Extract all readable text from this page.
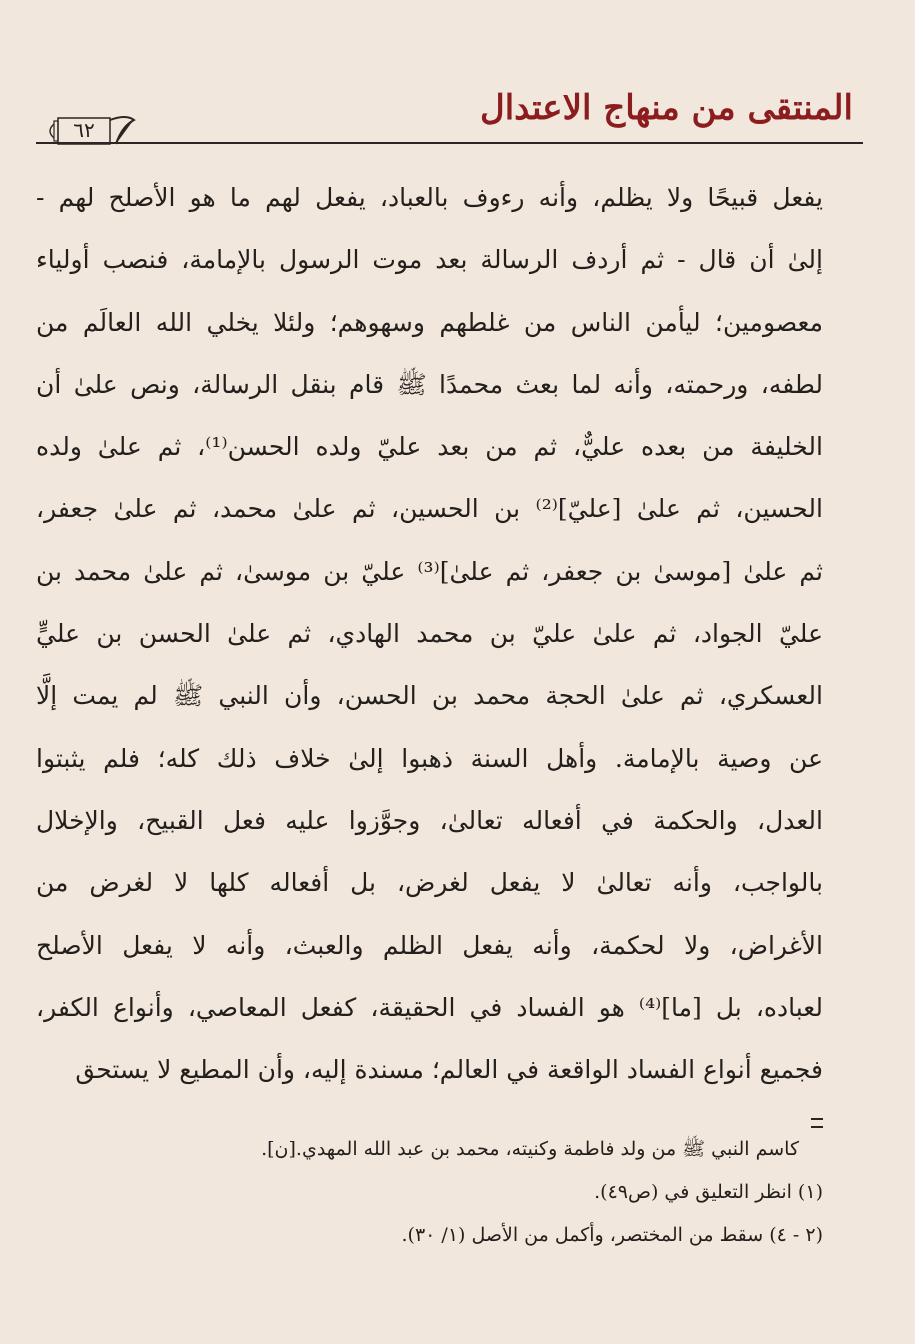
المنتقى من منهاج الاعتدال
٦٢
يفعل قبيحًا ولا يظلم، وأنه رءوف بالعباد، يفعل لهم ما هو الأصلح لهم -
إلىٰ أن قال - ثم أردف الرسالة بعد موت الرسول بالإمامة، فنصب أولياء
معصومين؛ ليأمن الناس من غلطهم وسهوهم؛ ولئلا يخلي الله العالَم من
لطفه، ورحمته، وأنه لما بعث محمدًا ﷺ قام بنقل الرسالة، ونص علىٰ أن
الخليفة من بعده عليٌّ، ثم من بعد عليّ ولده الحسن⁽¹⁾، ثم علىٰ ولده
الحسين، ثم علىٰ [عليّ]⁽²⁾ بن الحسين، ثم علىٰ محمد، ثم علىٰ جعفر،
ثم علىٰ [موسىٰ بن جعفر، ثم علىٰ]⁽³⁾ عليّ بن موسىٰ، ثم علىٰ محمد بن
عليّ الجواد، ثم علىٰ عليّ بن محمد الهادي، ثم علىٰ الحسن بن عليٍّ
العسكري، ثم علىٰ الحجة محمد بن الحسن، وأن النبي ﷺ لم يمت إلَّا
عن وصية بالإمامة. وأهل السنة ذهبوا إلىٰ خلاف ذلك كله؛ فلم يثبتوا
العدل، والحكمة في أفعاله تعالىٰ، وجوَّزوا عليه فعل القبيح، والإخلال
بالواجب، وأنه تعالىٰ لا يفعل لغرض، بل أفعاله كلها لا لغرض من
الأغراض، ولا لحكمة، وأنه يفعل الظلم والعبث، وأنه لا يفعل الأصلح
لعباده، بل [ما]⁽⁴⁾ هو الفساد في الحقيقة، كفعل المعاصي، وأنواع الكفر،
فجميع أنواع الفساد الواقعة في العالم؛ مسندة إليه، وأن المطيع لا يستحق
كاسم النبي ﷺ من ولد فاطمة وكنيته، محمد بن عبد الله المهدي.[ن].
(١) انظر التعليق في (ص٤٩).
(٢ - ٤) سقط من المختصر، وأكمل من الأصل (١/ ٣٠).
